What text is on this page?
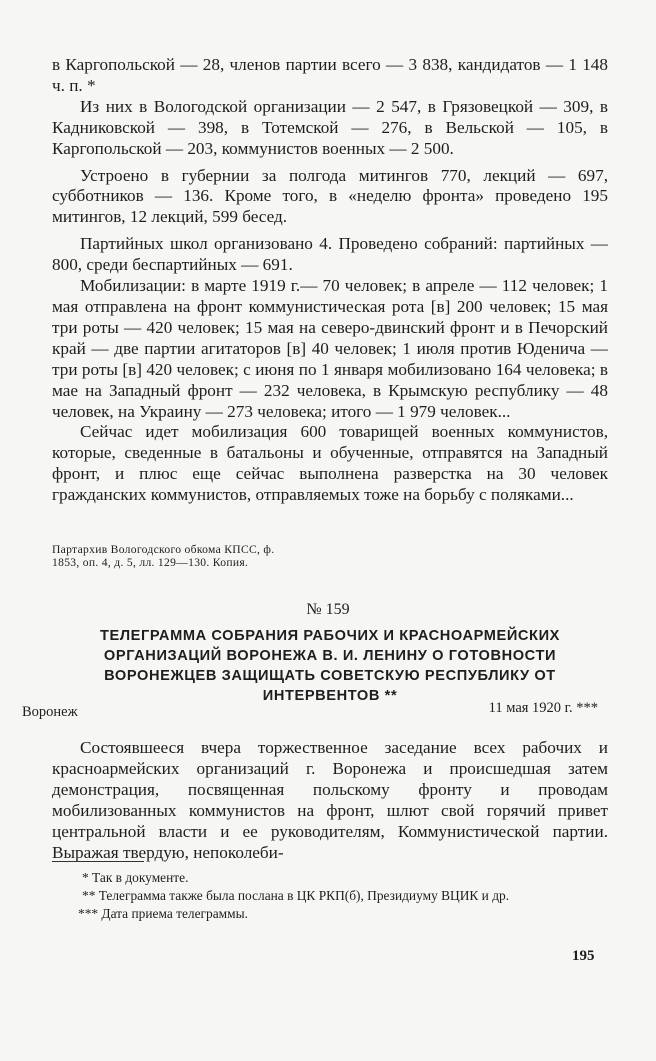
в Каргопольской — 28, членов партии всего — 3 838, кандидатов — 1 148 ч. п. *

Из них в Вологодской организации — 2 547, в Грязовецкой — 309, в Кадниковской — 398, в Тотемской — 276, в Вельской — 105, в Каргопольской — 203, коммунистов военных — 2 500.

Устроено в губернии за полгода митингов 770, лекций — 697, субботников — 136. Кроме того, в «неделю фронта» проведено 195 митингов, 12 лекций, 599 бесед.

Партийных школ организовано 4. Проведено собраний: партийных — 800, среди беспартийных — 691.

Мобилизации: в марте 1919 г.— 70 человек; в апреле — 112 человек; 1 мая отправлена на фронт коммунистическая рота [в] 200 человек; 15 мая три роты — 420 человек; 15 мая на северо-двинский фронт и в Печорский край — две партии агитаторов [в] 40 человек; 1 июля против Юденича — три роты [в] 420 человек; с июня по 1 января мобилизовано 164 человека; в мае на Западный фронт — 232 человека, в Крымскую республику — 48 человек, на Украину — 273 человека; итого — 1 979 человек...

Сейчас идет мобилизация 600 товарищей военных коммунистов, которые, сведенные в батальоны и обученные, отправятся на Западный фронт, и плюс еще сейчас выполнена разверстка на 30 человек гражданских коммунистов, отправляемых тоже на борьбу с поляками...

Партархив Вологодского обкома КПСС, ф. 1853, оп. 4, д. 5, лл. 129—130. Копия.

№ 159

ТЕЛЕГРАММА СОБРАНИЯ РАБОЧИХ И КРАСНОАРМЕЙСКИХ ОРГАНИЗАЦИЙ ВОРОНЕЖА В. И. ЛЕНИНУ О ГОТОВНОСТИ ВОРОНЕЖЦЕВ ЗАЩИЩАТЬ СОВЕТСКУЮ РЕСПУБЛИКУ ОТ ИНТЕРВЕНТОВ **

Воронеж	11 мая 1920 г. ***

Состоявшееся вчера торжественное заседание всех рабочих и красноармейских организаций г. Воронежа и происшедшая затем демонстрация, посвященная польскому фронту и проводам мобилизованных коммунистов на фронт, шлют свой горячий привет центральной власти и ее руководителям, Коммунистической партии. Выражая твердую, непоколеби-

* Так в документе.

** Телеграмма также была послана в ЦК РКП(б), Президиуму ВЦИК и др.

*** Дата приема телеграммы.

195
